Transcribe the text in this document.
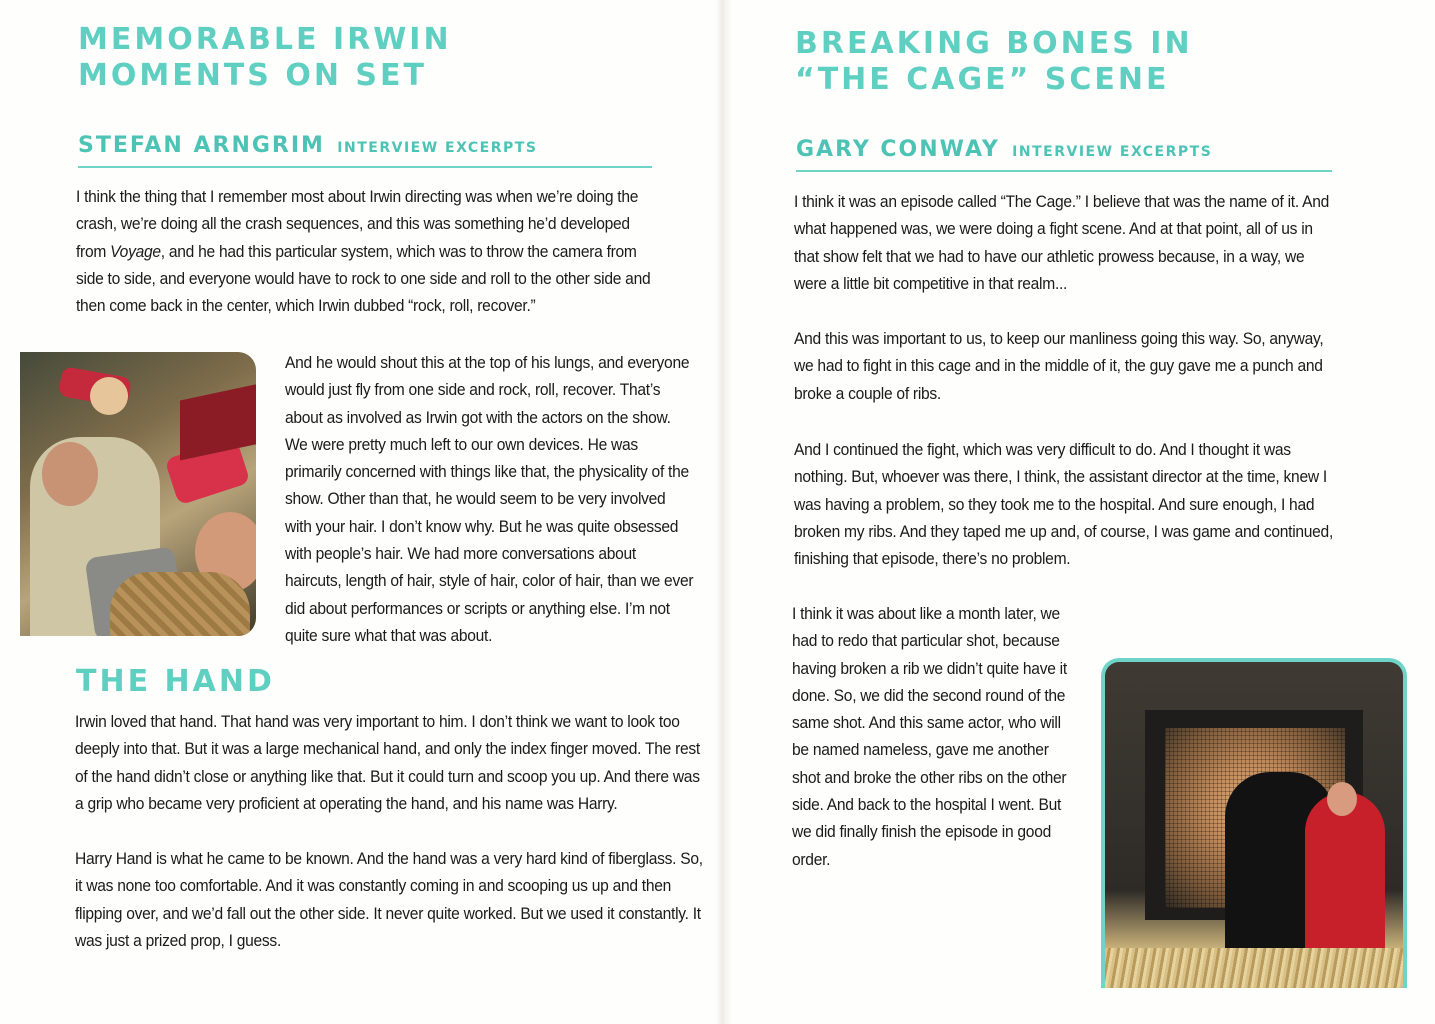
MEMORABLE IRWIN MOMENTS ON SET
STEFAN ARNGRIM INTERVIEW EXCERPTS

I think the thing that I remember most about Irwin directing was when we’re doing the crash, we’re doing all the crash sequences, and this was something he’d developed from Voyage, and he had this particular system, which was to throw the camera from side to side, and everyone would have to rock to one side and roll to the other side and then come back in the center, which Irwin dubbed “rock, roll, recover.”

And he would shout this at the top of his lungs, and everyone would just fly from one side and rock, roll, recover. That’s about as involved as Irwin got with the actors on the show. We were pretty much left to our own devices. He was primarily concerned with things like that, the physicality of the show. Other than that, he would seem to be very involved with your hair. I don’t know why. But he was quite obsessed with people’s hair. We had more conversations about haircuts, length of hair, style of hair, color of hair, than we ever did about performances or scripts or anything else. I’m not quite sure what that was about.

THE HAND

Irwin loved that hand. That hand was very important to him. I don’t think we want to look too deeply into that. But it was a large mechanical hand, and only the index finger moved. The rest of the hand didn’t close or anything like that. But it could turn and scoop you up. And there was a grip who became very proficient at operating the hand, and his name was Harry.

Harry Hand is what he came to be known. And the hand was a very hard kind of fiberglass. So, it was none too comfortable. And it was constantly coming in and scooping us up and then flipping over, and we’d fall out the other side. It never quite worked. But we used it constantly. It was just a prized prop, I guess.

BREAKING BONES IN “THE CAGE” SCENE
GARY CONWAY INTERVIEW EXCERPTS

I think it was an episode called “The Cage.” I believe that was the name of it. And what happened was, we were doing a fight scene. And at that point, all of us in that show felt that we had to have our athletic prowess because, in a way, we were a little bit competitive in that realm...

And this was important to us, to keep our manliness going this way. So, anyway, we had to fight in this cage and in the middle of it, the guy gave me a punch and broke a couple of ribs.

And I continued the fight, which was very difficult to do. And I thought it was nothing. But, whoever was there, I think, the assistant director at the time, knew I was having a problem, so they took me to the hospital. And sure enough, I had broken my ribs. And they taped me up and, of course, I was game and continued, finishing that episode, there’s no problem.

I think it was about like a month later, we had to redo that particular shot, because having broken a rib we didn’t quite have it done. So, we did the second round of the same shot. And this same actor, who will be named nameless, gave me another shot and broke the other ribs on the other side. And back to the hospital I went. But we did finally finish the episode in good order.
